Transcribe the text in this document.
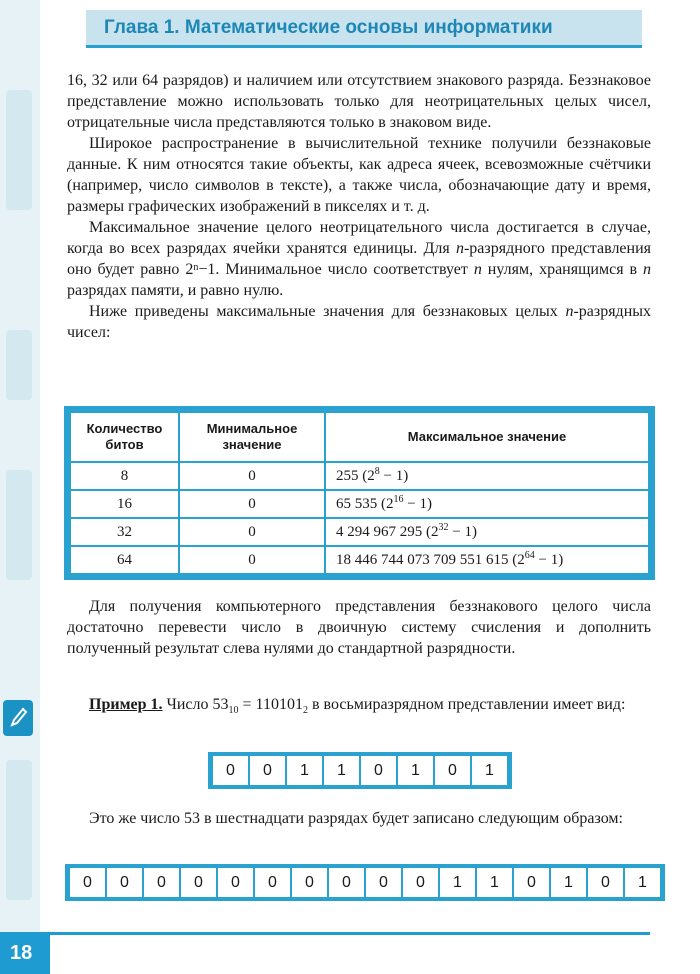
Глава 1. Математические основы информатики

16, 32 или 64 разрядов) и наличием или отсутствием знакового разряда. Беззнаковое представление можно использовать только для неотрицательных целых чисел, отрицательные числа представляются только в знаковом виде.

Широкое распространение в вычислительной технике получили беззнаковые данные. К ним относятся такие объекты, как адреса ячеек, всевозможные счётчики (например, число символов в тексте), а также числа, обозначающие дату и время, размеры графических изображений в пикселях и т. д.

Максимальное значение целого неотрицательного числа достигается в случае, когда во всех разрядах ячейки хранятся единицы. Для n-разрядного представления оно будет равно $2^n-1$. Минимальное число соответствует n нулям, хранящимся в n разрядах памяти, и равно нулю.

Ниже приведены максимальные значения для беззнаковых целых n-разрядных чисел:

Количество битов	Минимальное значение	Максимальное значение
8	0	255 $(2^8 - 1)$
16	0	65 535 $(2^{16} - 1)$
32	0	4 294 967 295 $(2^{32} - 1)$
64	0	18 446 744 073 709 551 615 $(2^{64} - 1)$

Для получения компьютерного представления беззнакового целого числа достаточно перевести число в двоичную систему счисления и дополнить полученный результат слева нулями до стандартной разрядности.

Пример 1. Число $53_{10} = 110101_2$ в восьмиразрядном представлении имеет вид:

0	0	1	1	0	1	0	1

Это же число 53 в шестнадцати разрядах будет записано следующим образом:

0	0	0	0	0	0	0	0	0	0	1	1	0	1	0	1
18
